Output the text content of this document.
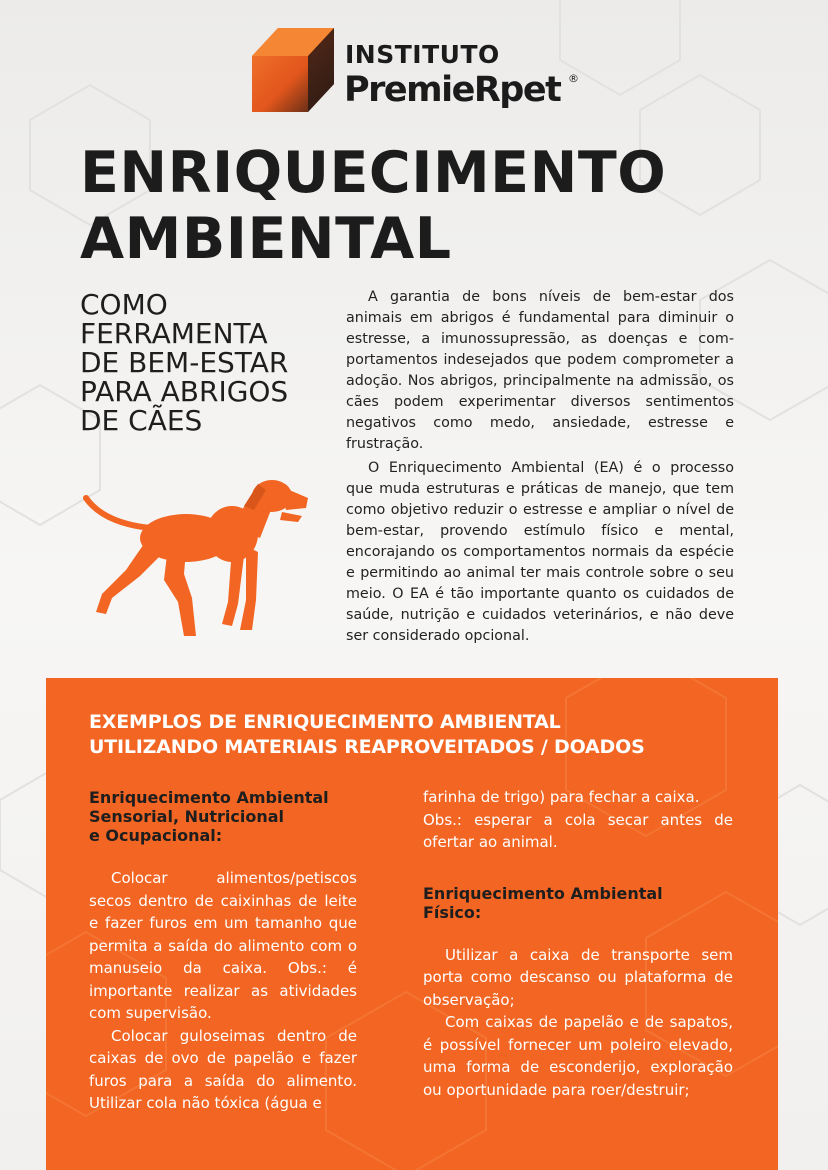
INSTITUTO
PremieRpet ®
ENRIQUECIMENTO
AMBIENTAL
COMO
FERRAMENTA
DE BEM-ESTAR
PARA ABRIGOS
DE CÃES

A garantia de bons níveis de bem-estar dos animais em abrigos é fundamental para diminuir o estresse, a imunossupressão, as doenças e comportamentos indesejados que podem comprometer a adoção. Nos abrigos, principalmente na admissão, os cães podem experimentar diversos sentimentos negativos como medo, ansiedade, estresse e frustração.

O Enriquecimento Ambiental (EA) é o processo que muda estruturas e práticas de manejo, que tem como objetivo reduzir o estresse e ampliar o nível de bem-estar, provendo estímulo físico e mental, encorajando os comportamentos normais da espécie e permitindo ao animal ter mais controle sobre o seu meio. O EA é tão importante quanto os cuidados de saúde, nutrição e cuidados veterinários, e não deve ser considerado opcional.

EXEMPLOS DE ENRIQUECIMENTO AMBIENTAL
UTILIZANDO MATERIAIS REAPROVEITADOS / DOADOS
Enriquecimento Ambiental
Sensorial, Nutricional
e Ocupacional:

Colocar alimentos/petiscos secos dentro de caixinhas de leite e fazer furos em um tamanho que permita a saída do alimento com o manuseio da caixa. Obs.: é importante realizar as atividades com supervisão.

Colocar guloseimas dentro de caixas de ovo de papelão e fazer furos para a saída do alimento. Utilizar cola não tóxica (água e

farinha de trigo) para fechar a caixa.

Obs.: esperar a cola secar antes de ofertar ao animal.

Enriquecimento Ambiental
Físico:

Utilizar a caixa de transporte sem porta como descanso ou plataforma de observação;

Com caixas de papelão e de sapatos, é possível fornecer um poleiro elevado, uma forma de esconderijo, exploração ou oportunidade para roer/destruir;
